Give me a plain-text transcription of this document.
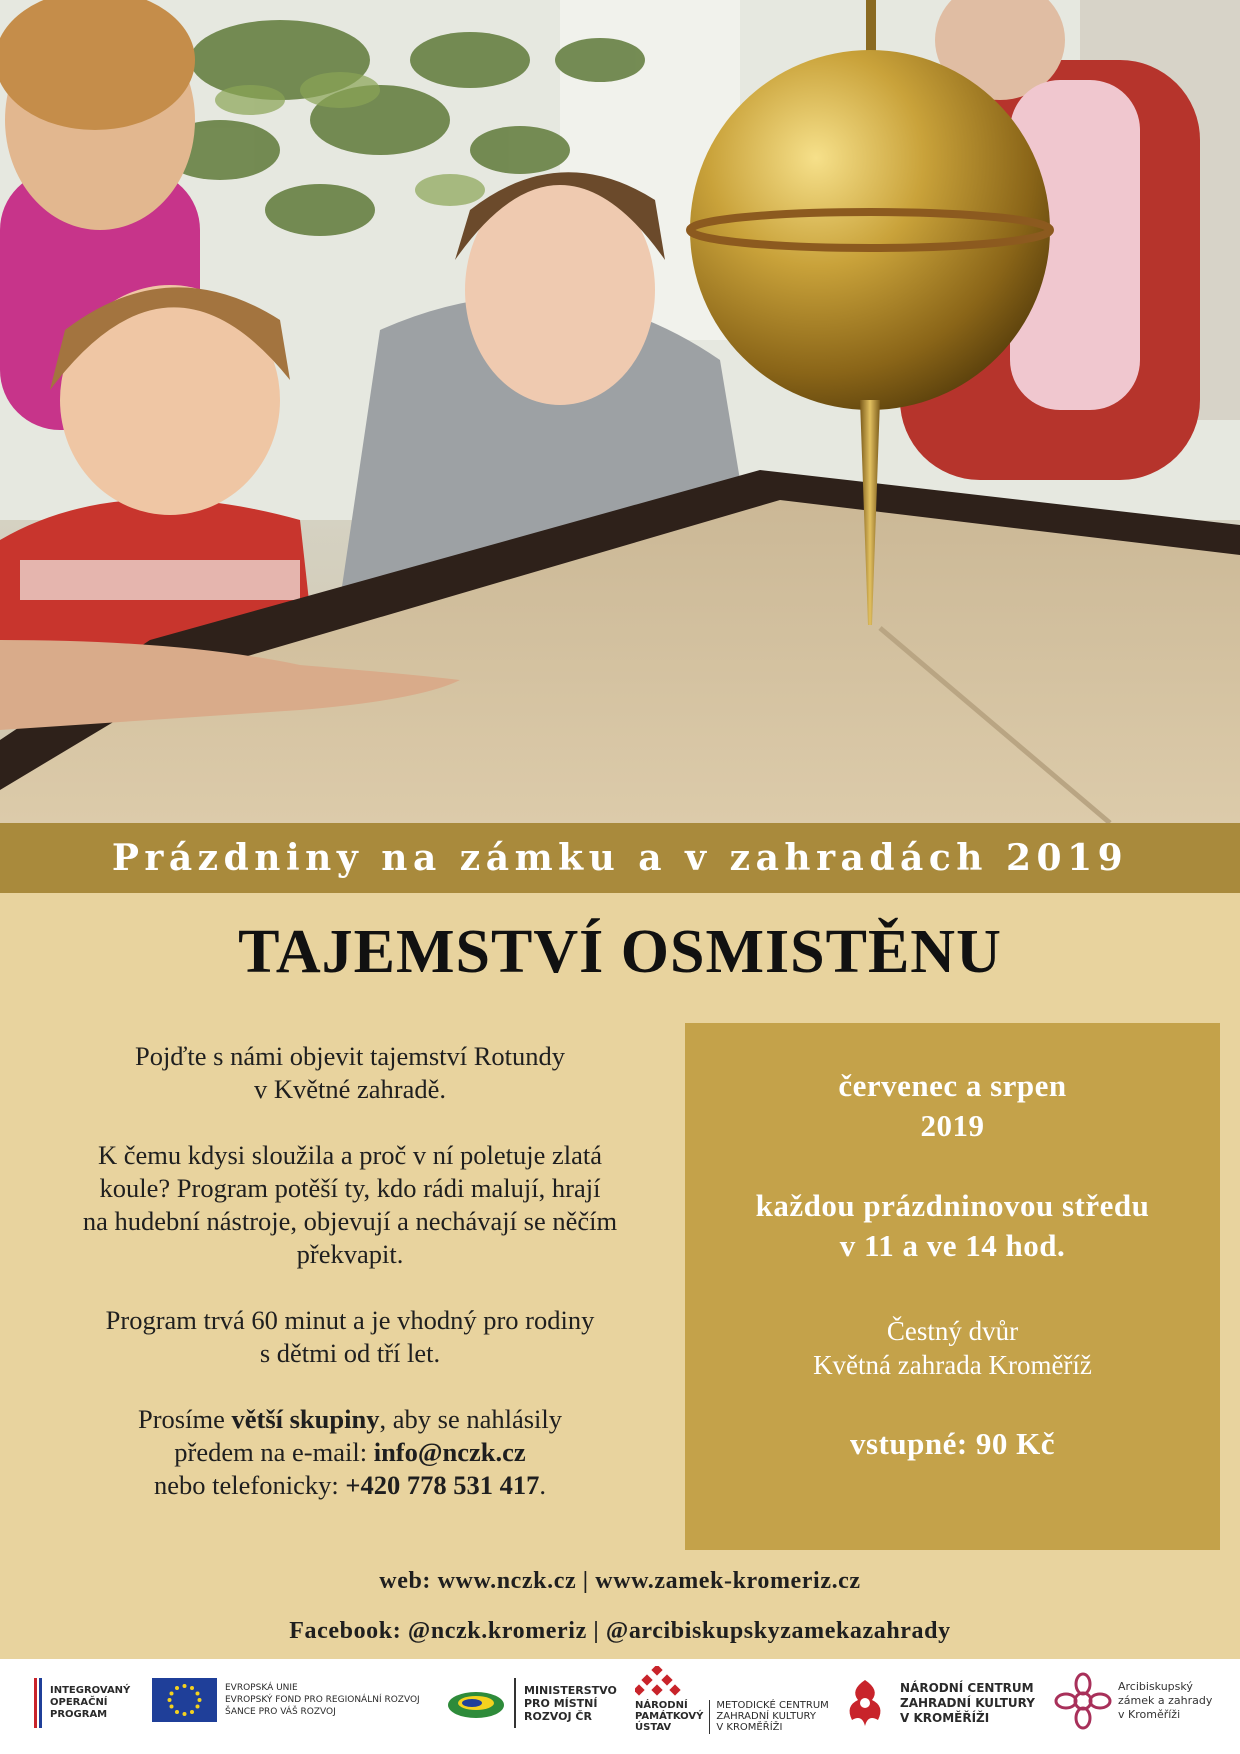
Prázdniny na zámku a v zahradách 2019
TAJEMSTVÍ OSMISTĚNU

Pojďte s námi objevit tajemství Rotundy
v Květné zahradě.

K čemu kdysi sloužila a proč v ní poletuje zlatá
koule? Program potěší ty, kdo rádi malují, hrají
na hudební nástroje, objevují a nechávají se něčím
překvapit.

Program trvá 60 minut a je vhodný pro rodiny
s dětmi od tří let.

Prosíme větší skupiny, aby se nahlásily
předem na e-mail: info@nczk.cz
nebo telefonicky: +420 778 531 417.

červenec a srpen
2019
každou prázdninovou středu
v 11 a ve 14 hod.
Čestný dvůr
Květná zahrada Kroměříž
vstupné: 90 Kč
web: www.nczk.cz | www.zamek-kromeriz.cz
Facebook: @nczk.kromeriz | @arcibiskupskyzamekazahrady
INTEGROVANÝ
OPERAČNÍ
PROGRAM
EVROPSKÁ UNIE
EVROPSKÝ FOND PRO REGIONÁLNÍ ROZVOJ
ŠANCE PRO VÁŠ ROZVOJ
MINISTERSTVO
PRO MÍSTNÍ
ROZVOJ ČR
NÁRODNÍ
PAMÁTKOVÝ
ÚSTAV
METODICKÉ CENTRUM
ZAHRADNÍ KULTURY
V KROMĚŘÍŽI
NÁRODNÍ CENTRUM
ZAHRADNÍ KULTURY
V KROMĚŘÍŽI
Arcibiskupský
zámek a zahrady
v Kroměříži
